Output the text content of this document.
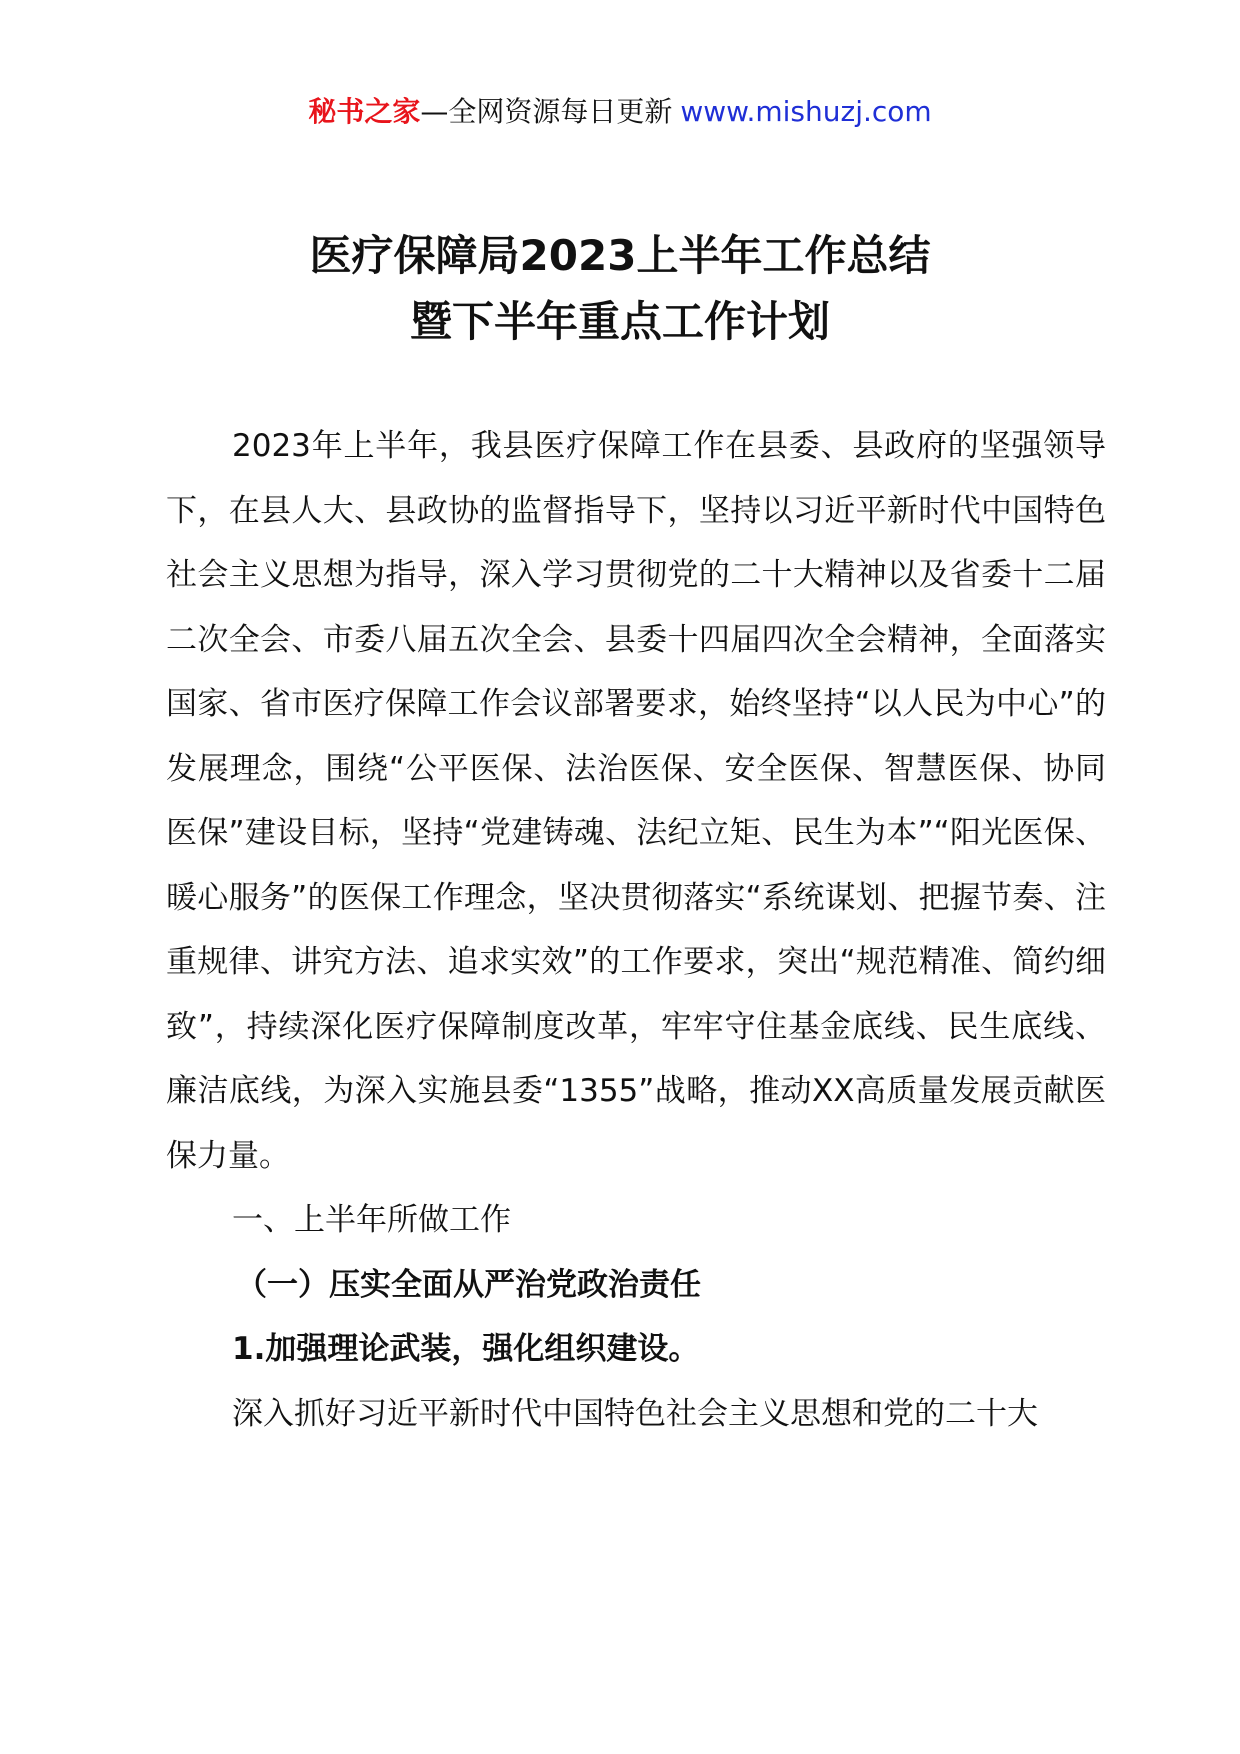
秘书之家—全网资源每日更新 www.mishuzj.com
医疗保障局2023上半年工作总结
暨下半年重点工作计划

2023年上半年，我县医疗保障工作在县委、县政府的坚强领导下，在县人大、县政协的监督指导下，坚持以习近平新时代中国特色社会主义思想为指导，深入学习贯彻党的二十大精神以及省委十二届二次全会、市委八届五次全会、县委十四届四次全会精神，全面落实国家、省市医疗保障工作会议部署要求，始终坚持“以人民为中心”的发展理念，围绕“公平医保、法治医保、安全医保、智慧医保、协同医保”建设目标，坚持“党建铸魂、法纪立矩、民生为本”“阳光医保、暖心服务”的医保工作理念，坚决贯彻落实“系统谋划、把握节奏、注重规律、讲究方法、追求实效”的工作要求，突出“规范精准、简约细致”，持续深化医疗保障制度改革，牢牢守住基金底线、民生底线、廉洁底线，为深入实施县委“1355”战略，推动XX高质量发展贡献医保力量。

一、上半年所做工作

（一）压实全面从严治党政治责任

1.加强理论武装，强化组织建设。

深入抓好习近平新时代中国特色社会主义思想和党的二十大
